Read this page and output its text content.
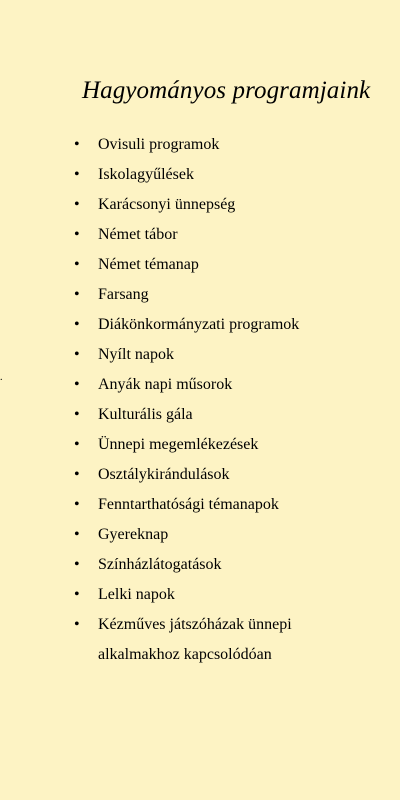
Hagyományos programjaink
.
• Ovisuli programok
• Iskolagyűlések
• Karácsonyi ünnepség
• Német tábor
• Német témanap
• Farsang
• Diákönkormányzati programok
• Nyílt napok
• Anyák napi műsorok
• Kulturális gála
• Ünnepi megemlékezések
• Osztálykirándulások
• Fenntarthatósági témanapok
• Gyereknap
• Színházlátogatások
• Lelki napok
• Kézműves játszóházak ünnepi
alkalmakhoz kapcsolódóan
